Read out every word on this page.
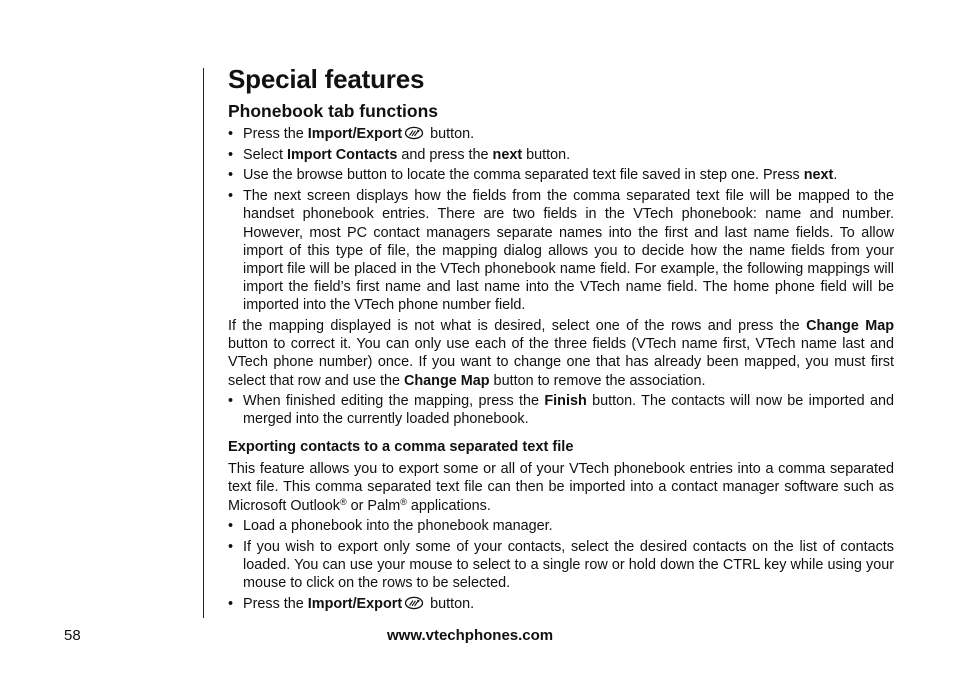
Special features
Phonebook tab functions
• Press the Import/Export button.
• Select Import Contacts and press the next button.
• Use the browse button to locate the comma separated text file saved in step one. Press next.
• The next screen displays how the fields from the comma separated text file will be mapped to the handset phonebook entries. There are two fields in the VTech phonebook: name and number. However, most PC contact managers separate names into the first and last name fields. To allow import of this type of file, the mapping dialog allows you to decide how the name fields from your import file will be placed in the VTech phonebook name field. For example, the following mappings will import the field’s first name and last name into the VTech name field. The home phone field will be imported into the VTech phone number field.

If the mapping displayed is not what is desired, select one of the rows and press the Change Map button to correct it. You can only use each of the three fields (VTech name first, VTech name last and VTech phone number) once. If you want to change one that has already been mapped, you must first select that row and use the Change Map button to remove the association.

• When finished editing the mapping, press the Finish button. The contacts will now be imported and merged into the currently loaded phonebook.
Exporting contacts to a comma separated text file

This feature allows you to export some or all of your VTech phonebook entries into a comma separated text file. This comma separated text file can then be imported into a contact manager software such as Microsoft Outlook® or Palm® applications.

• Load a phonebook into the phonebook manager.
• If you wish to export only some of your contacts, select the desired contacts on the list of contacts loaded. You can use your mouse to select to a single row or hold down the CTRL key while using your mouse to click on the rows to be selected.
• Press the Import/Export button.
58	www.vtechphones.com
